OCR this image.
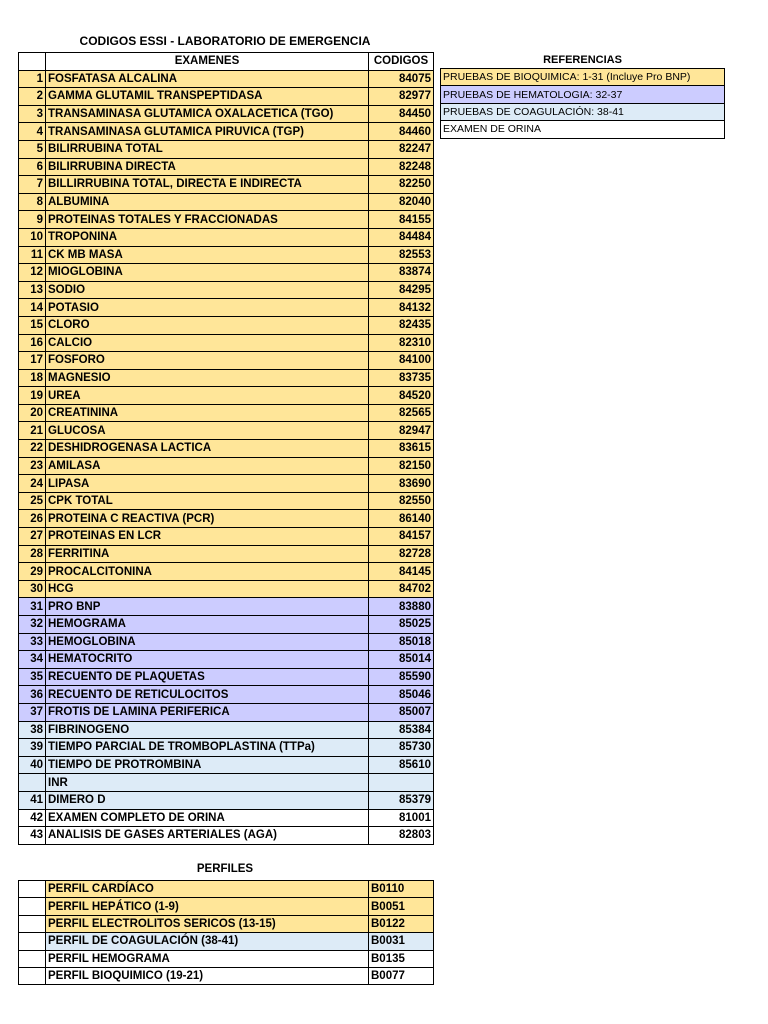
CODIGOS ESSI - LABORATORIO DE EMERGENCIA
	EXAMENES	CODIGOS
1	FOSFATASA ALCALINA	84075
2	GAMMA GLUTAMIL TRANSPEPTIDASA	82977
3	TRANSAMINASA GLUTAMICA OXALACETICA (TGO)	84450
4	TRANSAMINASA GLUTAMICA PIRUVICA (TGP)	84460
5	BILIRRUBINA TOTAL	82247
6	BILIRRUBINA DIRECTA	82248
7	BILLIRRUBINA TOTAL, DIRECTA E INDIRECTA	82250
8	ALBUMINA	82040
9	PROTEINAS TOTALES Y FRACCIONADAS	84155
10	TROPONINA	84484
11	CK MB MASA	82553
12	MIOGLOBINA	83874
13	SODIO	84295
14	POTASIO	84132
15	CLORO	82435
16	CALCIO	82310
17	FOSFORO	84100
18	MAGNESIO	83735
19	UREA	84520
20	CREATININA	82565
21	GLUCOSA	82947
22	DESHIDROGENASA LACTICA	83615
23	AMILASA	82150
24	LIPASA	83690
25	CPK TOTAL	82550
26	PROTEINA C REACTIVA (PCR)	86140
27	PROTEINAS EN LCR	84157
28	FERRITINA	82728
29	PROCALCITONINA	84145
30	HCG	84702
31	PRO BNP	83880
32	HEMOGRAMA	85025
33	HEMOGLOBINA	85018
34	HEMATOCRITO	85014
35	RECUENTO DE PLAQUETAS	85590
36	RECUENTO DE RETICULOCITOS	85046
37	FROTIS DE LAMINA PERIFERICA	85007
38	FIBRINOGENO	85384
39	TIEMPO PARCIAL DE TROMBOPLASTINA (TTPa)	85730
40	TIEMPO DE PROTROMBINA	85610
	INR	
41	DIMERO D	85379
42	EXAMEN COMPLETO DE ORINA	81001
43	ANALISIS DE GASES ARTERIALES (AGA)	82803
REFERENCIAS
PRUEBAS DE BIOQUIMICA: 1-31 (Incluye Pro BNP)
PRUEBAS DE HEMATOLOGIA: 32-37
PRUEBAS DE COAGULACIÓN: 38-41
EXAMEN DE ORINA
PERFILES
	PERFIL CARDÍACO	B0110
	PERFIL HEPÁTICO (1-9)	B0051
	PERFIL ELECTROLITOS SERICOS (13-15)	B0122
	PERFIL DE COAGULACIÓN (38-41)	B0031
	PERFIL HEMOGRAMA	B0135
	PERFIL BIOQUIMICO (19-21)	B0077
